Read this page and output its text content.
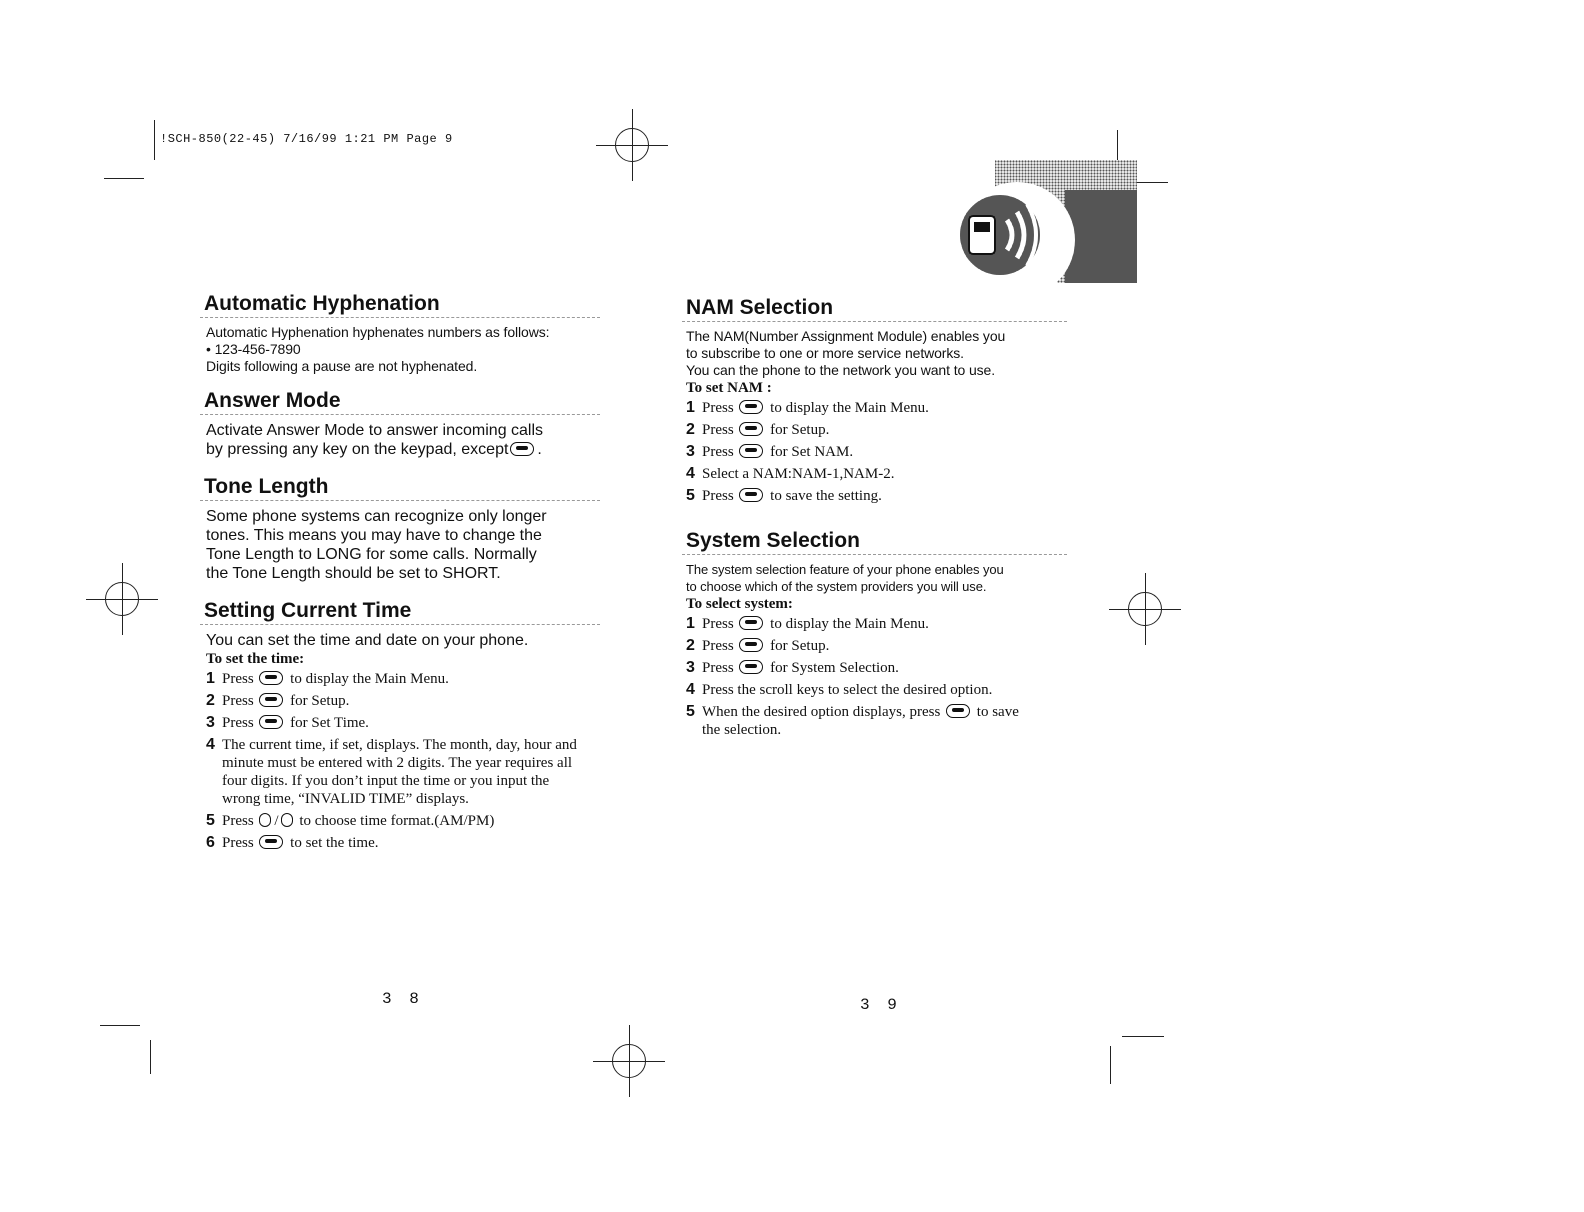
!SCH-850(22-45) 7/16/99 1:21 PM Page 9
Automatic Hyphenation

Automatic Hyphenation hyphenates numbers as follows:

• 123-456-7890

Digits following a pause are not hyphenated.

Answer Mode

Activate Answer Mode to answer incoming calls

by pressing any key on the keypad, except .

Tone Length

Some phone systems can recognize only longer

tones. This means you may have to change the

Tone Length to LONG for some calls. Normally

the Tone Length should be set to SHORT.

Setting Current Time

You can set the time and date on your phone.

To set the time:

1 Press  to display the Main Menu.

2 Press  for Setup.

3 Press  for Set Time.

4 The current time, if set, displays. The month, day, hour and minute must be entered with 2 digits. The year requires all four digits. If you don’t input the time or you input the wrong time, “INVALID TIME” displays.

5 Press / to choose time format.(AM/PM)

6 Press  to set the time.

3 8
NAM Selection

The NAM(Number Assignment Module) enables you

to subscribe to one or more service networks.

You can the phone to the network you want to use.

To set NAM :

1 Press  to display the Main Menu.

2 Press  for Setup.

3 Press  for Set NAM.

4 Select a NAM:NAM-1,NAM-2.

5 Press  to save the setting.

System Selection

The system selection feature of your phone enables you

to choose which of the system providers you will use.

To select system:

1 Press  to display the Main Menu.

2 Press  for Setup.

3 Press  for System Selection.

4 Press the scroll keys to select the desired option.

5 When the desired option displays, press  to save the selection.

3 9
